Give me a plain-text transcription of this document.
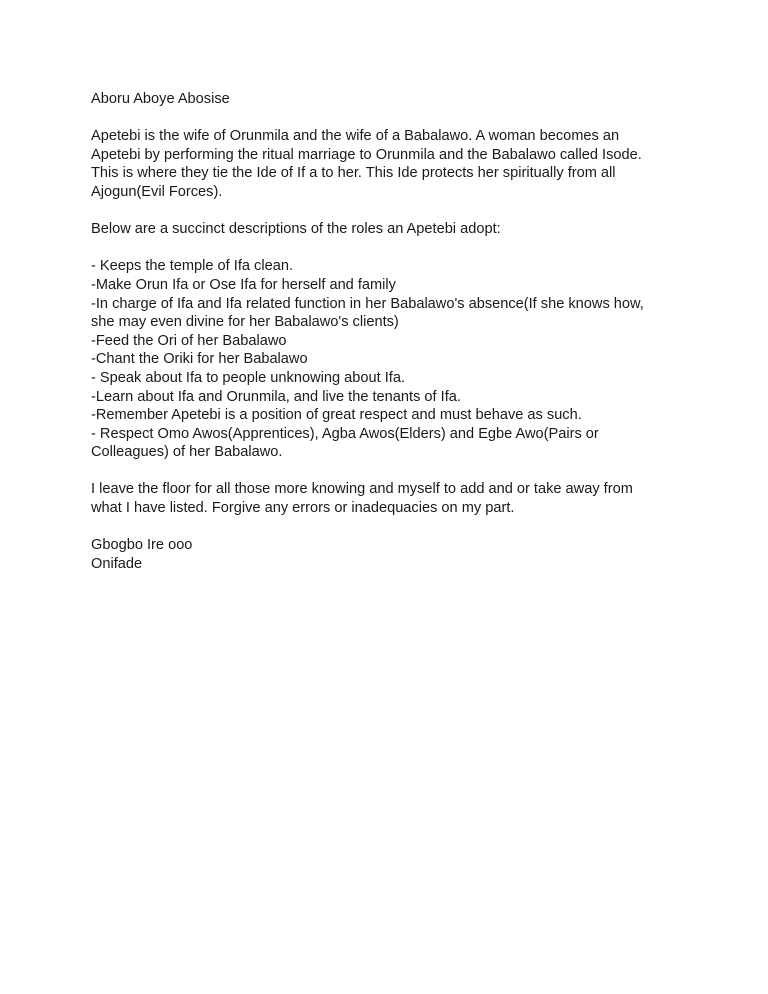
Aboru Aboye Abosise

Apetebi is the wife of Orunmila and the wife of a Babalawo. A woman becomes an
Apetebi by performing the ritual marriage to Orunmila and the Babalawo called Isode.
This is where they tie the Ide of If a to her. This Ide protects her spiritually from all
Ajogun(Evil Forces).

Below are a succinct descriptions of the roles an Apetebi adopt:

- Keeps the temple of Ifa clean.
-Make Orun Ifa or Ose Ifa for herself and family
-In charge of Ifa and Ifa related function in her Babalawo's absence(If she knows how,
she may even divine for her Babalawo's clients)
-Feed the Ori of her Babalawo
-Chant the Oriki for her Babalawo
- Speak about Ifa to people unknowing about Ifa.
-Learn about Ifa and Orunmila, and live the tenants of Ifa.
-Remember Apetebi is a position of great respect and must behave as such.
- Respect Omo Awos(Apprentices), Agba Awos(Elders) and Egbe Awo(Pairs or
Colleagues) of her Babalawo.

I leave the floor for all those more knowing and myself to add and or take away from
what I have listed. Forgive any errors or inadequacies on my part.

Gbogbo Ire ooo
Onifade
